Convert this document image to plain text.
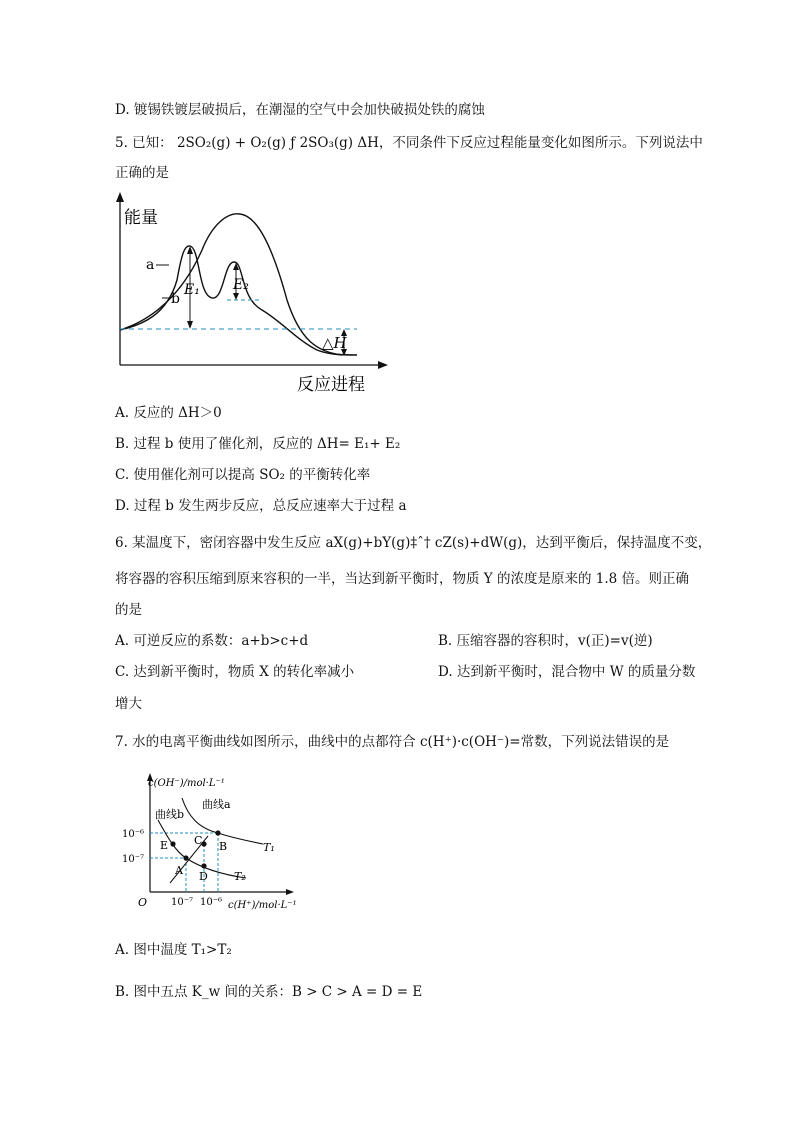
D. 镀锡铁镀层破损后，在潮湿的空气中会加快破损处铁的腐蚀
5. 已知： 2SO₂(g) + O₂(g) ƒ 2SO₃(g) ΔH，不同条件下反应过程能量变化如图所示。下列说法中
正确的是
能量
反应进程
E₁ E₂
△H
a
b
A. 反应的 ΔH＞0
B. 过程 b 使用了催化剂，反应的 ΔH= E₁+ E₂
C. 使用催化剂可以提高 SO₂ 的平衡转化率
D. 过程 b 发生两步反应，总反应速率大于过程 a
6. 某温度下，密闭容器中发生反应 aX(g)+bY(g)‡ˆ† cZ(s)+dW(g)，达到平衡后，保持温度不变，
将容器的容积压缩到原来容积的一半，当达到新平衡时，物质 Y 的浓度是原来的 1.8 倍。则正确
的是
A. 可逆反应的系数：a+b>c+d	B. 压缩容器的容积时，v(正)=v(逆)
C. 达到新平衡时，物质 X 的转化率减小	D. 达到新平衡时，混合物中 W 的质量分数
增大
7. 水的电离平衡曲线如图所示，曲线中的点都符合 c(H⁺)·c(OH⁻)=常数，下列说法错误的是
c(OH⁻)/mol·L⁻¹
c(H⁺)/mol·L⁻¹
O
10⁻⁶
10⁻⁷
10⁻⁷ 10⁻⁶
A
B
C
D
E
曲线b
曲线a
T₁
T₂
A. 图中温度 T₁>T₂
B. 图中五点 K_w 间的关系：B > C > A = D = E
